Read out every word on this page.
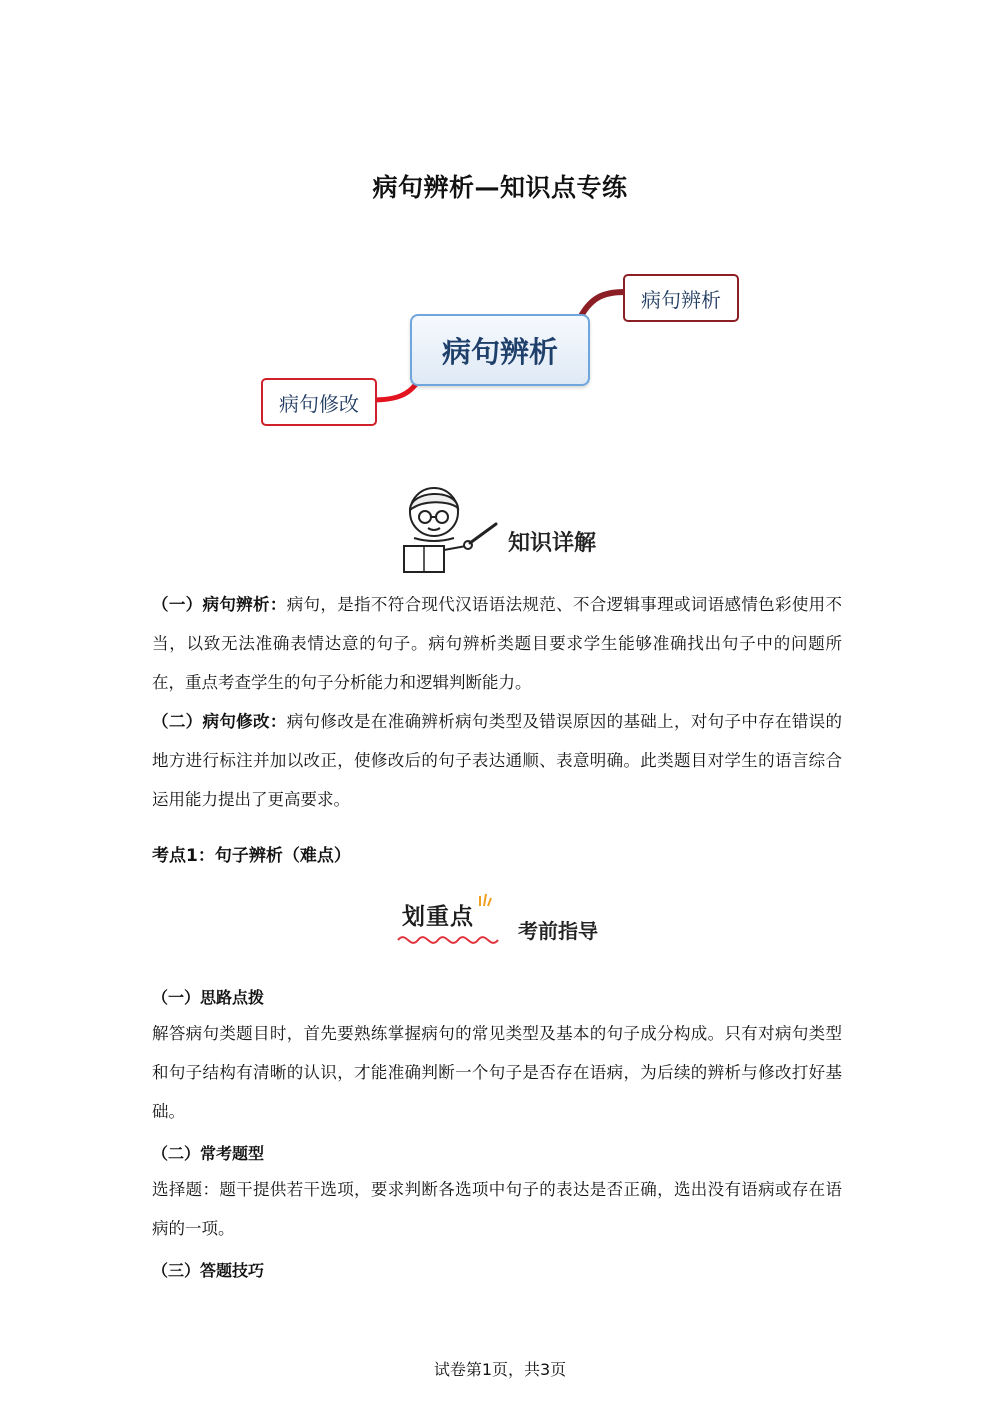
病句辨析—知识点专练
病句辨析
病句辨析
病句修改
知识详解
（一）病句辨析：病句，是指不符合现代汉语语法规范、不合逻辑事理或词语感情色彩使用不当，以致无法准确表情达意的句子。病句辨析类题目要求学生能够准确找出句子中的问题所在，重点考查学生的句子分析能力和逻辑判断能力。
（二）病句修改：病句修改是在准确辨析病句类型及错误原因的基础上，对句子中存在错误的地方进行标注并加以改正，使修改后的句子表达通顺、表意明确。此类题目对学生的语言综合运用能力提出了更高要求。
考点1：句子辨析（难点）
划重点
考前指导
（一）思路点拨
解答病句类题目时，首先要熟练掌握病句的常见类型及基本的句子成分构成。只有对病句类型和句子结构有清晰的认识，才能准确判断一个句子是否存在语病，为后续的辨析与修改打好基础。
（二）常考题型
选择题：题干提供若干选项，要求判断各选项中句子的表达是否正确，选出没有语病或存在语病的一项。
（三）答题技巧
试卷第1页，共3页
